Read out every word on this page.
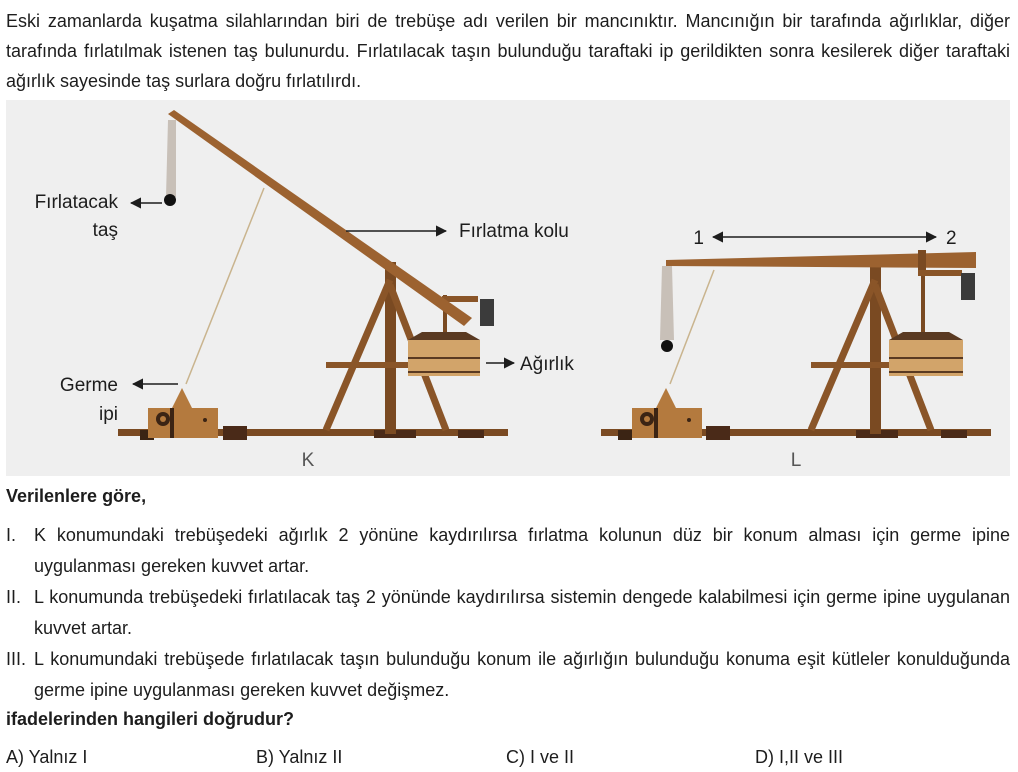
Eski zamanlarda kuşatma silahlarından biri de trebüşe adı verilen bir mancınıktır. Mancınığın bir tarafında ağırlıklar, diğer tarafında fırlatılmak istenen taş bulunurdu. Fırlatılacak taşın bulunduğu taraftaki ip gerildikten sonra kesilerek diğer taraftaki ağırlık sayesinde taş surlara doğru fırlatılırdı.

Fırlatacak
taş	Fırlatma kolu
Ağırlık
Germe
ipi
K
1	2
L

Verilenlere göre,

I. K konumundaki trebüşedeki ağırlık 2 yönüne kaydırılırsa fırlatma kolunun düz bir konum alması için germe ipine uygulanması gereken kuvvet artar.
II. L konumunda trebüşedeki fırlatılacak taş 2 yönünde kaydırılırsa sistemin dengede kalabilmesi için germe ipine uygulanan kuvvet artar.
III. L konumundaki trebüşede fırlatılacak taşın bulunduğu konum ile ağırlığın bulunduğu konuma eşit kütleler konulduğunda germe ipine uygulanması gereken kuvvet değişmez.

ifadelerinden hangileri doğrudur?

A) Yalnız I	B) Yalnız II	C) I ve II	D) I,II ve III
